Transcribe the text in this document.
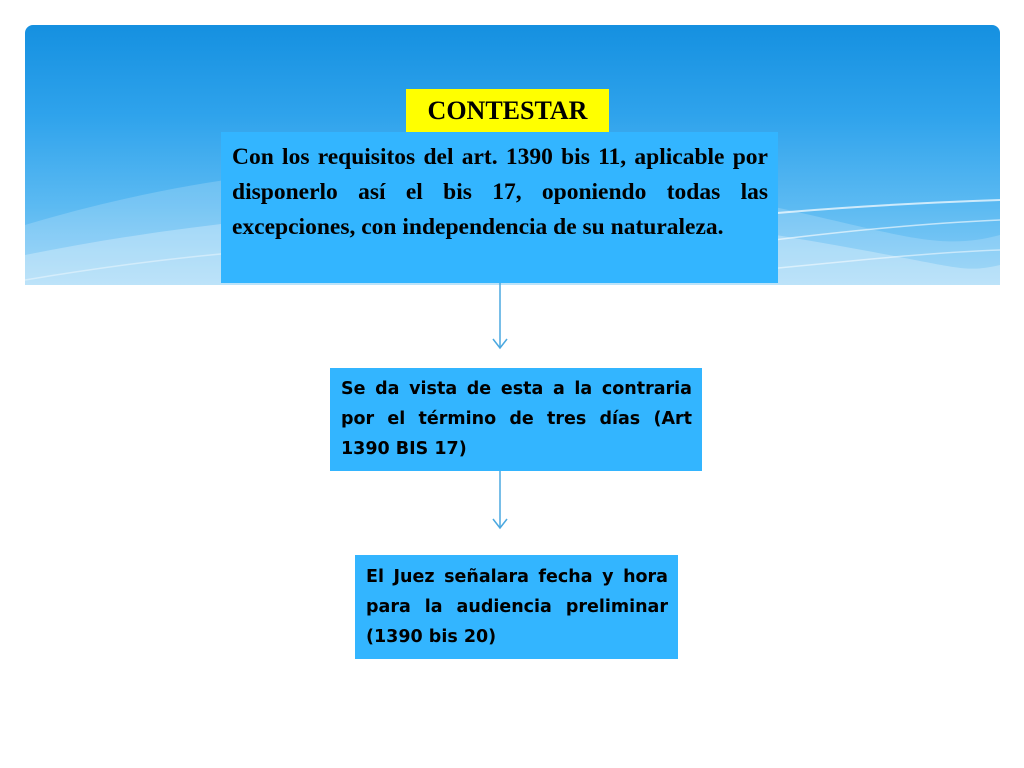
CONTESTAR
Con los requisitos del art. 1390 bis 11, aplicable por disponerlo así el bis 17, oponiendo todas las excepciones, con independencia de su naturaleza.
Se da vista de esta a la contraria por el término de tres días (Art 1390 BIS 17)
El Juez señalara fecha y hora para la audiencia preliminar (1390 bis 20)
